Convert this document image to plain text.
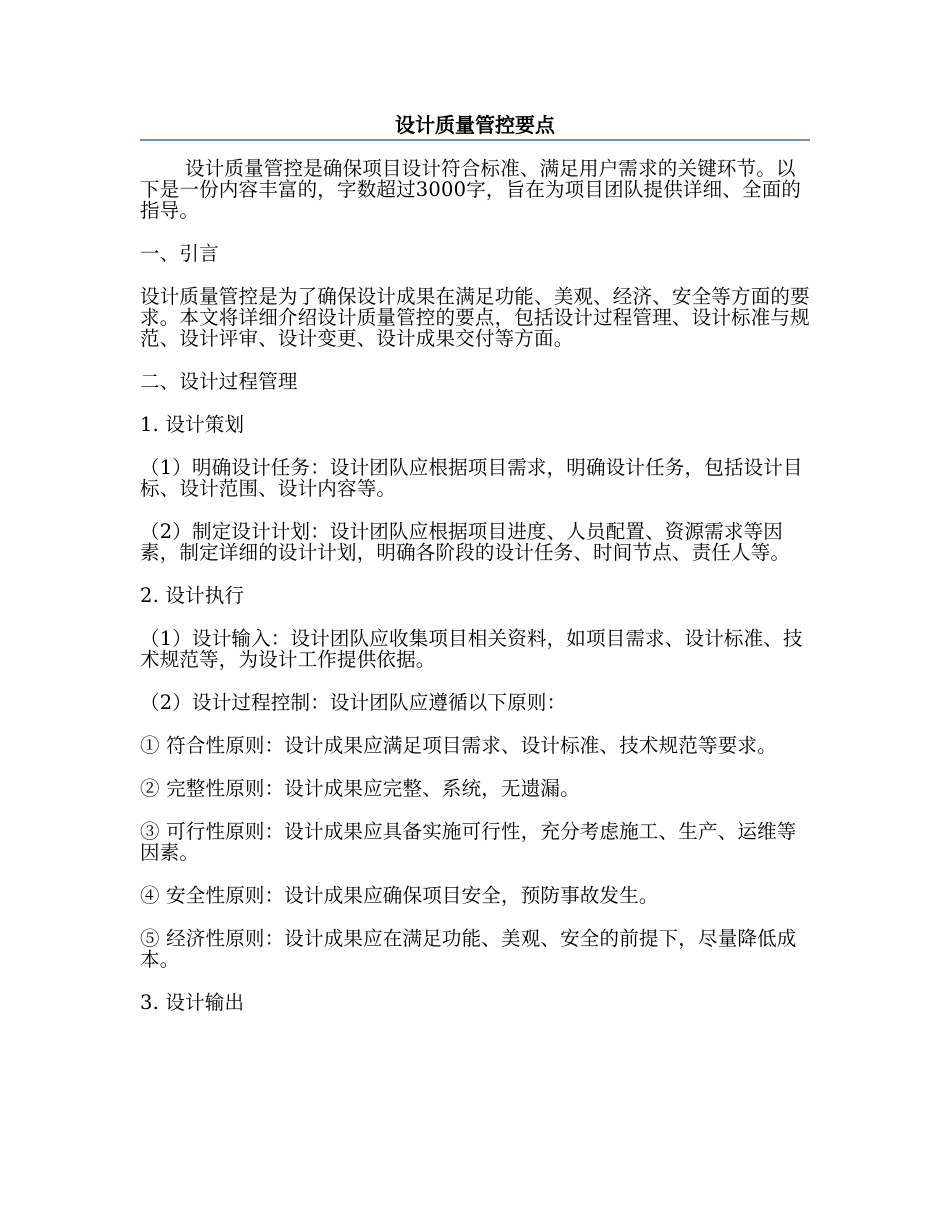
设计质量管控要点

设计质量管控是确保项目设计符合标准、满足用户需求的关键环节。以下是一份内容丰富的，字数超过3000字，旨在为项目团队提供详细、全面的指导。

一、引言

设计质量管控是为了确保设计成果在满足功能、美观、经济、安全等方面的要求。本文将详细介绍设计质量管控的要点，包括设计过程管理、设计标准与规范、设计评审、设计变更、设计成果交付等方面。

二、设计过程管理

1. 设计策划

（1）明确设计任务：设计团队应根据项目需求，明确设计任务，包括设计目标、设计范围、设计内容等。

（2）制定设计计划：设计团队应根据项目进度、人员配置、资源需求等因素，制定详细的设计计划，明确各阶段的设计任务、时间节点、责任人等。

2. 设计执行

（1）设计输入：设计团队应收集项目相关资料，如项目需求、设计标准、技术规范等，为设计工作提供依据。

（2）设计过程控制：设计团队应遵循以下原则：

① 符合性原则：设计成果应满足项目需求、设计标准、技术规范等要求。

② 完整性原则：设计成果应完整、系统，无遗漏。

③ 可行性原则：设计成果应具备实施可行性，充分考虑施工、生产、运维等因素。

④ 安全性原则：设计成果应确保项目安全，预防事故发生。

⑤ 经济性原则：设计成果应在满足功能、美观、安全的前提下，尽量降低成本。

3. 设计输出
